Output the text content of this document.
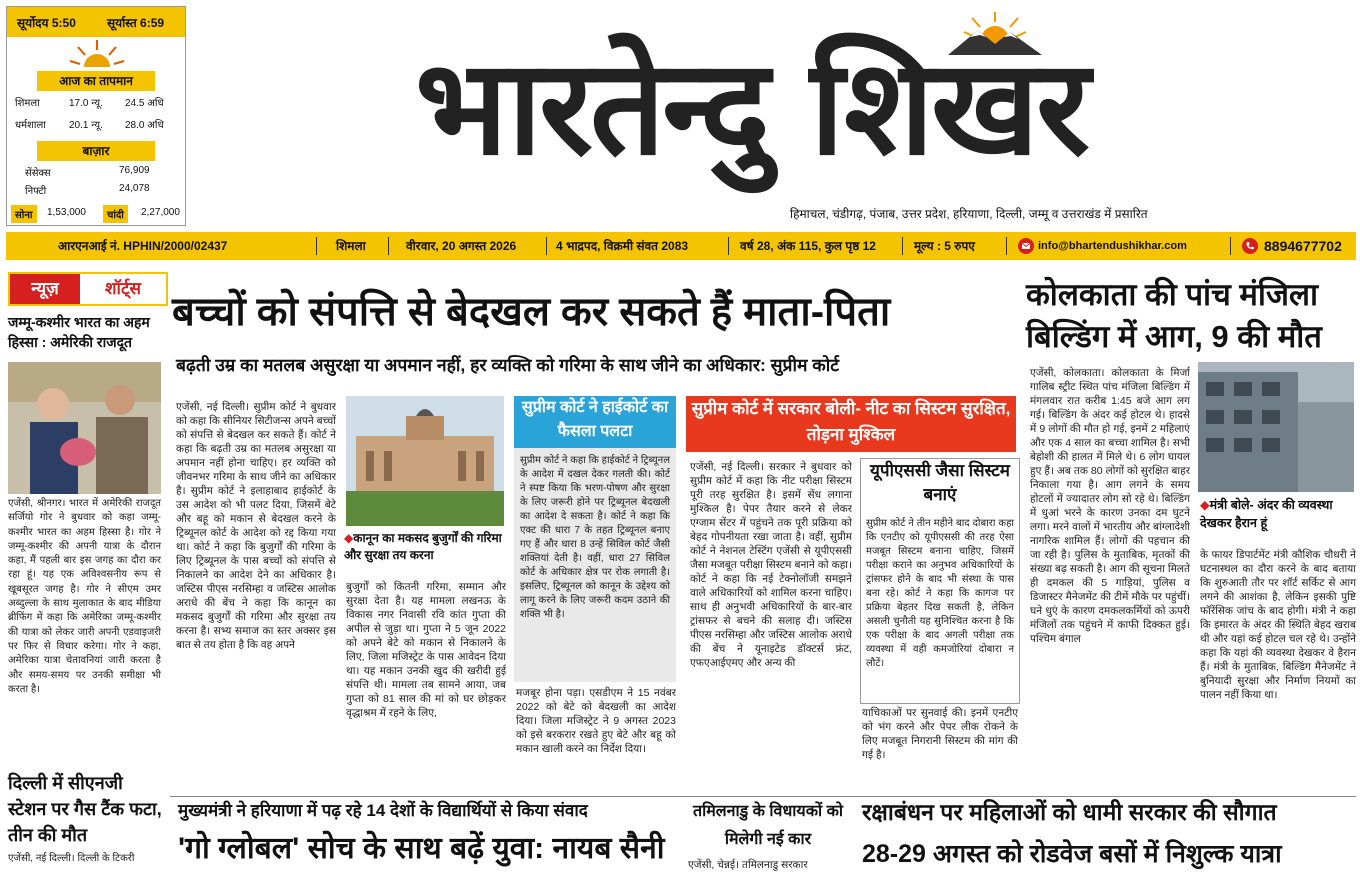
सूर्योदय 5:50	सूर्यास्त 6:59
आज का तापमान
शिमला	17.0 न्यू. 24.5 अधि
धर्मशाला 20.1 न्यू. 28.0 अधि
बाज़ार
सेंसेक्स	76,909
निफ्टी	24,078
सोना	1,53,000	चांदी	2,27,000
भारतेन्दु शिखर
हिमाचल, चंडीगढ़, पंजाब, उत्तर प्रदेश, हरियाणा, दिल्ली, जम्मू व उत्तराखंड में प्रसारित
आरएनआई नं. HPHIN/2000/02437	शिमला	वीरवार, 20 अगस्त 2026	4 भाद्रपद, विक्रमी संवत 2083	वर्ष 28, अंक 115, कुल पृष्ठ 12	मूल्य : 5 रुपए	info@bhartendushikhar.com	8894677702
न्यूज़	शॉर्ट्स
जम्मू-कश्मीर भारत का अहम हिस्सा : अमेरिकी राजदूत
एजेंसी, श्रीनगर। भारत में अमेरिकी राजदूत सर्जियो गोर ने बुधवार को कहा जम्मू-कश्मीर भारत का अहम हिस्सा है। गोर ने जम्मू-कश्मीर की अपनी यात्रा के दौरान कहा, मैं पहली बार इस जगह का दौरा कर रहा हूं। यह एक अविश्वसनीय रूप से खूबसूरत जगह है। गोर ने सीएम उमर अब्दुल्ला के साथ मुलाकात के बाद मीडिया ब्रीफिंग में कहा कि अमेरिका जम्मू-कश्मीर की यात्रा को लेकर जारी अपनी एडवाइजरी पर फिर से विचार करेगा। गोर ने कहा, अमेरिका यात्रा चेतावनियां जारी करता है और समय-समय पर उनकी समीक्षा भी करता है।
दिल्ली में सीएनजी स्टेशन पर गैस टैंक फटा, तीन की मौत
एजेंसी, नई दिल्ली। दिल्ली के टिकरी
बच्चों को संपत्ति से बेदखल कर सकते हैं माता-पिता
बढ़ती उम्र का मतलब असुरक्षा या अपमान नहीं, हर व्यक्ति को गरिमा के साथ जीने का अधिकार: सुप्रीम कोर्ट
एजेंसी, नई दिल्ली। सुप्रीम कोर्ट ने बुधवार को कहा कि सीनियर सिटीजन्स अपने बच्चों को संपत्ति से बेदखल कर सकते हैं। कोर्ट ने कहा कि बढ़ती उम्र का मतलब असुरक्षा या अपमान नहीं होना चाहिए। हर व्यक्ति को जीवनभर गरिमा के साथ जीने का अधिकार है। सुप्रीम कोर्ट ने इलाहाबाद हाईकोर्ट के उस आदेश को भी पलट दिया, जिसमें बेटे और बहू को मकान से बेदखल करने के ट्रिब्यूनल कोर्ट के आदेश को रद्द किया गया था। कोर्ट ने कहा कि बुजुर्गों की गरिमा के लिए ट्रिब्यूनल के पास बच्चों को संपत्ति से निकालने का आदेश देने का अधिकार है। जस्टिस पीएस नरसिम्हा व जस्टिस आलोक अराधे की बेंच ने कहा कि कानून का मकसद बुजुर्गों की गरिमा और सुरक्षा तय करना है। सभ्य समाज का स्तर अक्सर इस बात से तय होता है कि वह अपने
◆कानून का मकसद बुजुर्गों की गरिमा और सुरक्षा तय करना
बुजुर्गों को कितनी गरिमा, सम्मान और सुरक्षा देता है। यह मामला लखनऊ के विकास नगर निवासी रवि कांत गुप्ता की अपील से जुड़ा था। गुप्ता ने 5 जून 2022 को अपने बेटे को मकान से निकालने के लिए, जिला मजिस्ट्रेट के पास आवेदन दिया था। यह मकान उनकी खुद की खरीदी हुई संपत्ति थी। मामला तब सामने आया, जब गुप्ता को 81 साल की मां को घर छोड़कर वृद्धाश्रम में रहने के लिए,
सुप्रीम कोर्ट ने हाईकोर्ट का फैसला पलटा
सुप्रीम कोर्ट ने कहा कि हाईकोर्ट ने ट्रिब्यूनल के आदेश में दखल देकर गलती की। कोर्ट ने स्पष्ट किया कि भरण-पोषण और सुरक्षा के लिए जरूरी होने पर ट्रिब्यूनल बेदखली का आदेश दे सकता है। कोर्ट ने कहा कि एक्ट की धारा 7 के तहत ट्रिब्यूनल बनाए गए हैं और धारा 8 उन्हें सिविल कोर्ट जैसी शक्तियां देती है। वहीं, धारा 27 सिविल कोर्ट के अधिकार क्षेत्र पर रोक लगाती है। इसलिए, ट्रिब्यूनल को कानून के उद्देश्य को लागू करने के लिए जरूरी कदम उठाने की शक्ति भी है।
मजबूर होना पड़ा। एसडीएम ने 15 नवंबर 2022 को बेटे को बेदखली का आदेश दिया। जिला मजिस्ट्रेट ने 9 अगस्त 2023 को इसे बरकरार रखते हुए बेटे और बहू को मकान खाली करने का निर्देश दिया।
सुप्रीम कोर्ट में सरकार बोली- नीट का सिस्टम सुरक्षित, तोड़ना मुश्किल
एजेंसी, नई दिल्ली। सरकार ने बुधवार को सुप्रीम कोर्ट में कहा कि नीट परीक्षा सिस्टम पूरी तरह सुरक्षित है। इसमें सेंध लगाना मुश्किल है। पेपर तैयार करने से लेकर एग्जाम सेंटर में पहुंचने तक पूरी प्रक्रिया को बेहद गोपनीयता रखा जाता है। वहीं, सुप्रीम कोर्ट ने नेशनल टेस्टिंग एजेंसी से यूपीएससी जैसा मजबूत परीक्षा सिस्टम बनाने को कहा। कोर्ट ने कहा कि नई टेक्नोलॉजी समझने वाले अधिकारियों को शामिल करना चाहिए। साथ ही अनुभवी अधिकारियों के बार-बार ट्रांसफर से बचने की सलाह दी। जस्टिस पीएस नरसिम्हा और जस्टिस आलोक अराधे की बेंच ने यूनाइटेड डॉक्टर्स फ्रंट, एफएआईएमए और अन्य की
यूपीएससी जैसा सिस्टम बनाएं
सुप्रीम कोर्ट ने तीन महीने बाद दोबारा कहा कि एनटीए को यूपीएससी की तरह ऐसा मजबूत सिस्टम बनाना चाहिए, जिसमें परीक्षा कराने का अनुभव अधिकारियों के ट्रांसफर होने के बाद भी संस्था के पास बना रहे। कोर्ट ने कहा कि कागज पर प्रक्रिया बेहतर दिख सकती है, लेकिन असली चुनौती यह सुनिश्चित करना है कि एक परीक्षा के बाद अगली परीक्षा तक व्यवस्था में वही कमजोरियां दोबारा न लौटें।
याचिकाओं पर सुनवाई की। इनमें एनटीए को भंग करने और पेपर लीक रोकने के लिए मजबूत निगरानी सिस्टम की मांग की गई है।
कोलकाता की पांच मंजिला बिल्डिंग में आग, 9 की मौत
एजेंसी, कोलकाता। कोलकाता के मिर्जा गालिब स्ट्रीट स्थित पांच मंजिला बिल्डिंग में मंगलवार रात करीब 1:45 बजे आग लग गई। बिल्डिंग के अंदर कई होटल थे। हादसे में 9 लोगों की मौत हो गई, इनमें 2 महिलाएं और एक 4 साल का बच्चा शामिल है। सभी बेहोशी की हालत में मिले थे। 6 लोग घायल हुए हैं। अब तक 80 लोगों को सुरक्षित बाहर निकाला गया है। आग लगने के समय होटलों में ज्यादातर लोग सो रहे थे। बिल्डिंग में धुआं भरने के कारण उनका दम घुटने लगा। मरने वालों में भारतीय और बांग्लादेशी नागरिक शामिल हैं। लोगों की पहचान की जा रही है। पुलिस के मुताबिक, मृतकों की संख्या बढ़ सकती है। आग की सूचना मिलते ही दमकल की 5 गाड़ियां, पुलिस व डिजास्टर मैनेजमेंट की टीमें मौके पर पहुंचीं। घने धुएं के कारण दमकलकर्मियों को ऊपरी मंजिलों तक पहुंचने में काफी दिक्कत हुई। पश्चिम बंगाल
◆मंत्री बोले- अंदर की व्यवस्था देखकर हैरान हूं
के फायर डिपार्टमेंट मंत्री कौशिक चौधरी ने घटनास्थल का दौरा करने के बाद बताया कि शुरुआती तौर पर शॉर्ट सर्किट से आग लगने की आशंका है, लेकिन इसकी पुष्टि फॉरेंसिक जांच के बाद होगी। मंत्री ने कहा कि इमारत के अंदर की स्थिति बेहद खराब थी और यहां कई होटल चल रहे थे। उन्होंने कहा कि यहां की व्यवस्था देखकर वे हैरान हैं। मंत्री के मुताबिक, बिल्डिंग मैनेजमेंट ने बुनियादी सुरक्षा और निर्माण नियमों का पालन नहीं किया था।
मुख्यमंत्री ने हरियाणा में पढ़ रहे 14 देशों के विद्यार्थियों से किया संवाद
'गो ग्लोबल' सोच के साथ बढ़ें युवा: नायब सैनी
तमिलनाडु के विधायकों को मिलेगी नई कार
एजेंसी, चेन्नई। तमिलनाडु सरकार
रक्षाबंधन पर महिलाओं को धामी सरकार की सौगात
28-29 अगस्त को रोडवेज बसों में निशुल्क यात्रा
